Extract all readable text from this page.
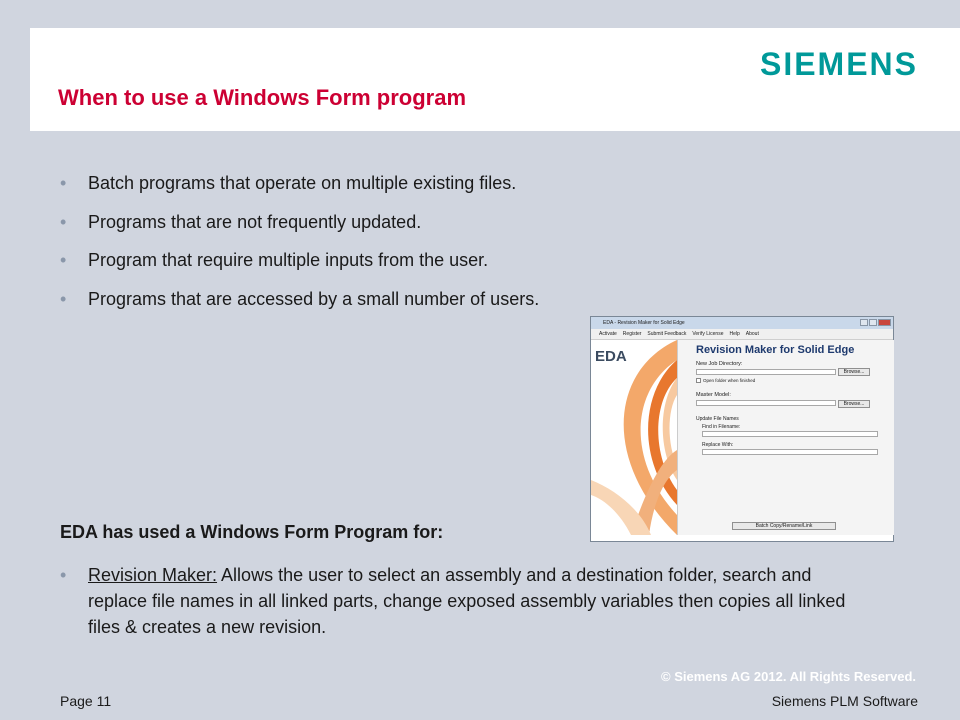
SIEMENS
When to use a Windows Form program
• Batch programs that operate on multiple existing files.
• Programs that are not frequently updated.
• Program that require multiple inputs from the user.
• Programs that are accessed by a small number of users.
EDA - Revision Maker for Solid Edge
Activate Register Submit Feedback Verify License Help About
EDA	Revision Maker for Solid Edge
New Job Directory:
Browse...
Open folder when finished
Master Model:
Browse...
Update File Names
Find in Filename:
Replace With:
Batch Copy/Rename/Link
EDA has used a Windows Form Program for:
•	Revision Maker: Allows the user to select an assembly and a destination folder, search and replace file names in all linked parts, change exposed assembly variables then copies all linked files & creates a new revision.
© Siemens AG 2012. All Rights Reserved.
Page 11	Siemens PLM Software
